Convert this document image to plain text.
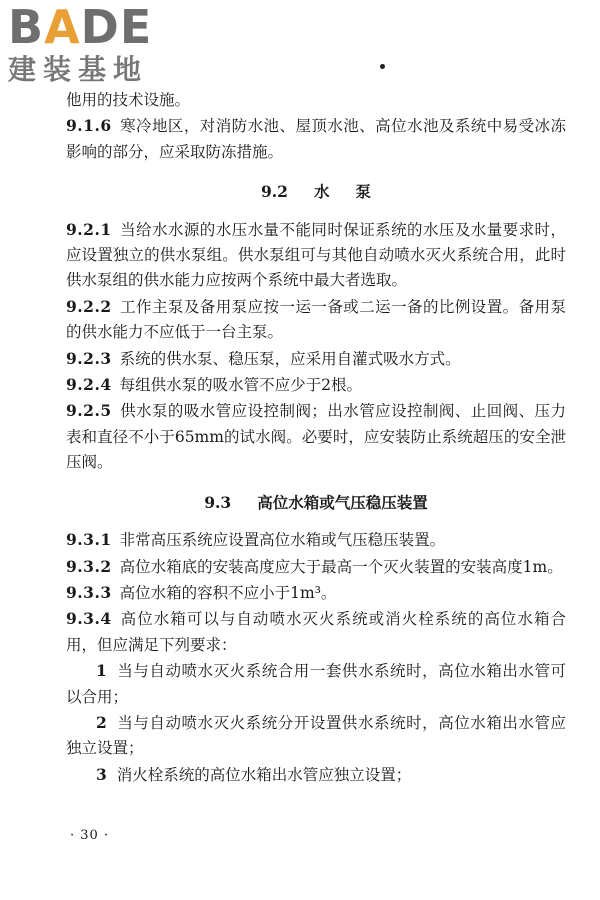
BADE
建装基地

他用的技术设施。

9.1.6 寒冷地区，对消防水池、屋顶水池、高位水池及系统中易受冰冻影响的部分，应采取防冻措施。

9.2 水 泵

9.2.1 当给水水源的水压水量不能同时保证系统的水压及水量要求时，应设置独立的供水泵组。供水泵组可与其他自动喷水灭火系统合用，此时供水泵组的供水能力应按两个系统中最大者选取。

9.2.2 工作主泵及备用泵应按一运一备或二运一备的比例设置。备用泵的供水能力不应低于一台主泵。

9.2.3 系统的供水泵、稳压泵，应采用自灌式吸水方式。

9.2.4 每组供水泵的吸水管不应少于2根。

9.2.5 供水泵的吸水管应设控制阀；出水管应设控制阀、止回阀、压力表和直径不小于65mm的试水阀。必要时，应安装防止系统超压的安全泄压阀。

9.3 高位水箱或气压稳压装置

9.3.1 非常高压系统应设置高位水箱或气压稳压装置。

9.3.2 高位水箱底的安装高度应大于最高一个灭火装置的安装高度1m。

9.3.3 高位水箱的容积不应小于1m³。

9.3.4 高位水箱可以与自动喷水灭火系统或消火栓系统的高位水箱合用，但应满足下列要求：

1 当与自动喷水灭火系统合用一套供水系统时，高位水箱出水管可以合用；

2 当与自动喷水灭火系统分开设置供水系统时，高位水箱出水管应独立设置；

3 消火栓系统的高位水箱出水管应独立设置；

· 30 ·
